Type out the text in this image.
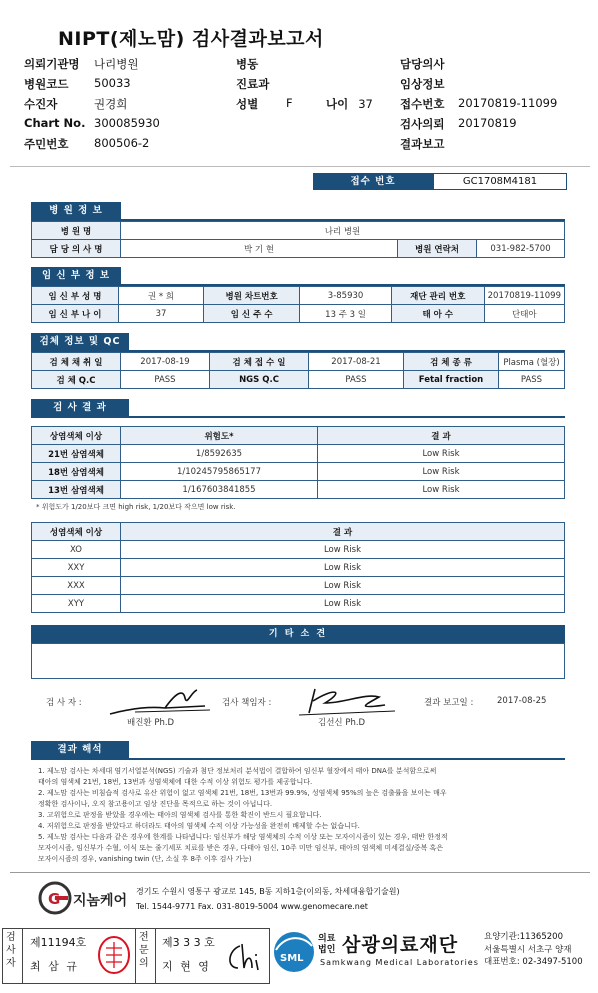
NIPT(제노맘) 검사결과보고서
의뢰기관명 나리병원
병원코드 50033
수진자	권경희
Chart No. 300085930
주민번호 800506-2
병동
진료과
성별 F	나이 37
담당의사
임상정보
접수번호 20170819-11099
검사의뢰 20170819
결과보고
접수 번호	GC1708M4181
병 원 정 보
병 원 명	나리 병원		
담 당 의 사 명	박 기 현	병원 연락처	031-982-5700
임 신 부 정 보
임 신 부 성 명	권 * 희	병원 차트번호	3-85930	재단 관리 번호	20170819-11099
임 신 부 나 이	37	임 신 주 수	13 주 3 일	태 아 수	단태아
검체 정보 및 QC
검 체 채 취 일	2017-08-19	검 체 접 수 일	2017-08-21	검 체 종 류	Plasma (혈장)
검 체 Q.C	PASS	NGS Q.C	PASS	Fetal fraction	PASS
검 사 결 과
상염색체 이상	위험도*	결 과
21번 삼염색체	1/8592635	Low Risk
18번 삼염색체	1/10245795865177	Low Risk
13번 삼염색체	1/167603841855	Low Risk
* 위험도가 1/20보다 크면 high risk, 1/20보다 작으면 low risk.
성염색체 이상	결 과
XO	Low Risk
XXY	Low Risk
XXX	Low Risk
XYY	Low Risk
기 타 소 견
검 사 자 :
배진환 Ph.D
검사 책임자 :
김선신 Ph.D
결과 보고일 :	2017-08-25
결과 해석
1. 제노맘 검사는 차세대 염기서열분석(NGS) 기술과 첨단 정보처리 분석법이 결합하여 임신부 혈장에서 태아 DNA를 분석함으로써
태아의 염색체 21번, 18번, 13번과 성염색체에 대한 수적 이상 위험도 평가를 제공합니다.
2. 제노맘 검사는 비침습적 검사로 유산 위험이 없고 염색체 21번, 18번, 13번과 99.9%, 성염색체 95%의 높은 검출률을 보이는 매우
정확한 검사이나, 오직 참고용이고 임상 진단을 목적으로 하는 것이 아닙니다.
3. 고위험으로 판정을 받았을 경우에는 태아의 염색체 검사를 통한 확진이 반드시 필요합니다.
4. 저위험으로 판정을 받았다고 하더라도 태아의 염색체 수적 이상 가능성을 완전히 배제할 수는 없습니다.
5. 제노맘 검사는 다음과 같은 경우에 한계를 나타냅니다: 임신부가 해당 염색체의 수적 이상 또는 모자이시즘이 있는 경우, 태반 한정적
모자이시즘, 임신부가 수혈, 이식 또는 줄기세포 치료를 받은 경우, 다태아 임신, 10주 미만 임신부, 태아의 염색체 미세결실/중복 혹은
모자이시즘의 경우, vanishing twin (단, 소실 후 8주 이후 검사 가능)
G 지놈케어
경기도 수원시 영통구 광교로 145, B동 지하1층(이의동, 차세대융합기술원)
Tel. 1544-9771 Fax. 031-8019-5004 www.genomecare.net
검사자
제11194호
최 삼 규
전문의
제3 3 3 호
지 현 영
SML
의료
법인 삼광의료재단
Samkwang Medical Laboratories
요양기관:11365200
서울특별시 서초구 양재
대표번호: 02-3497-5100
